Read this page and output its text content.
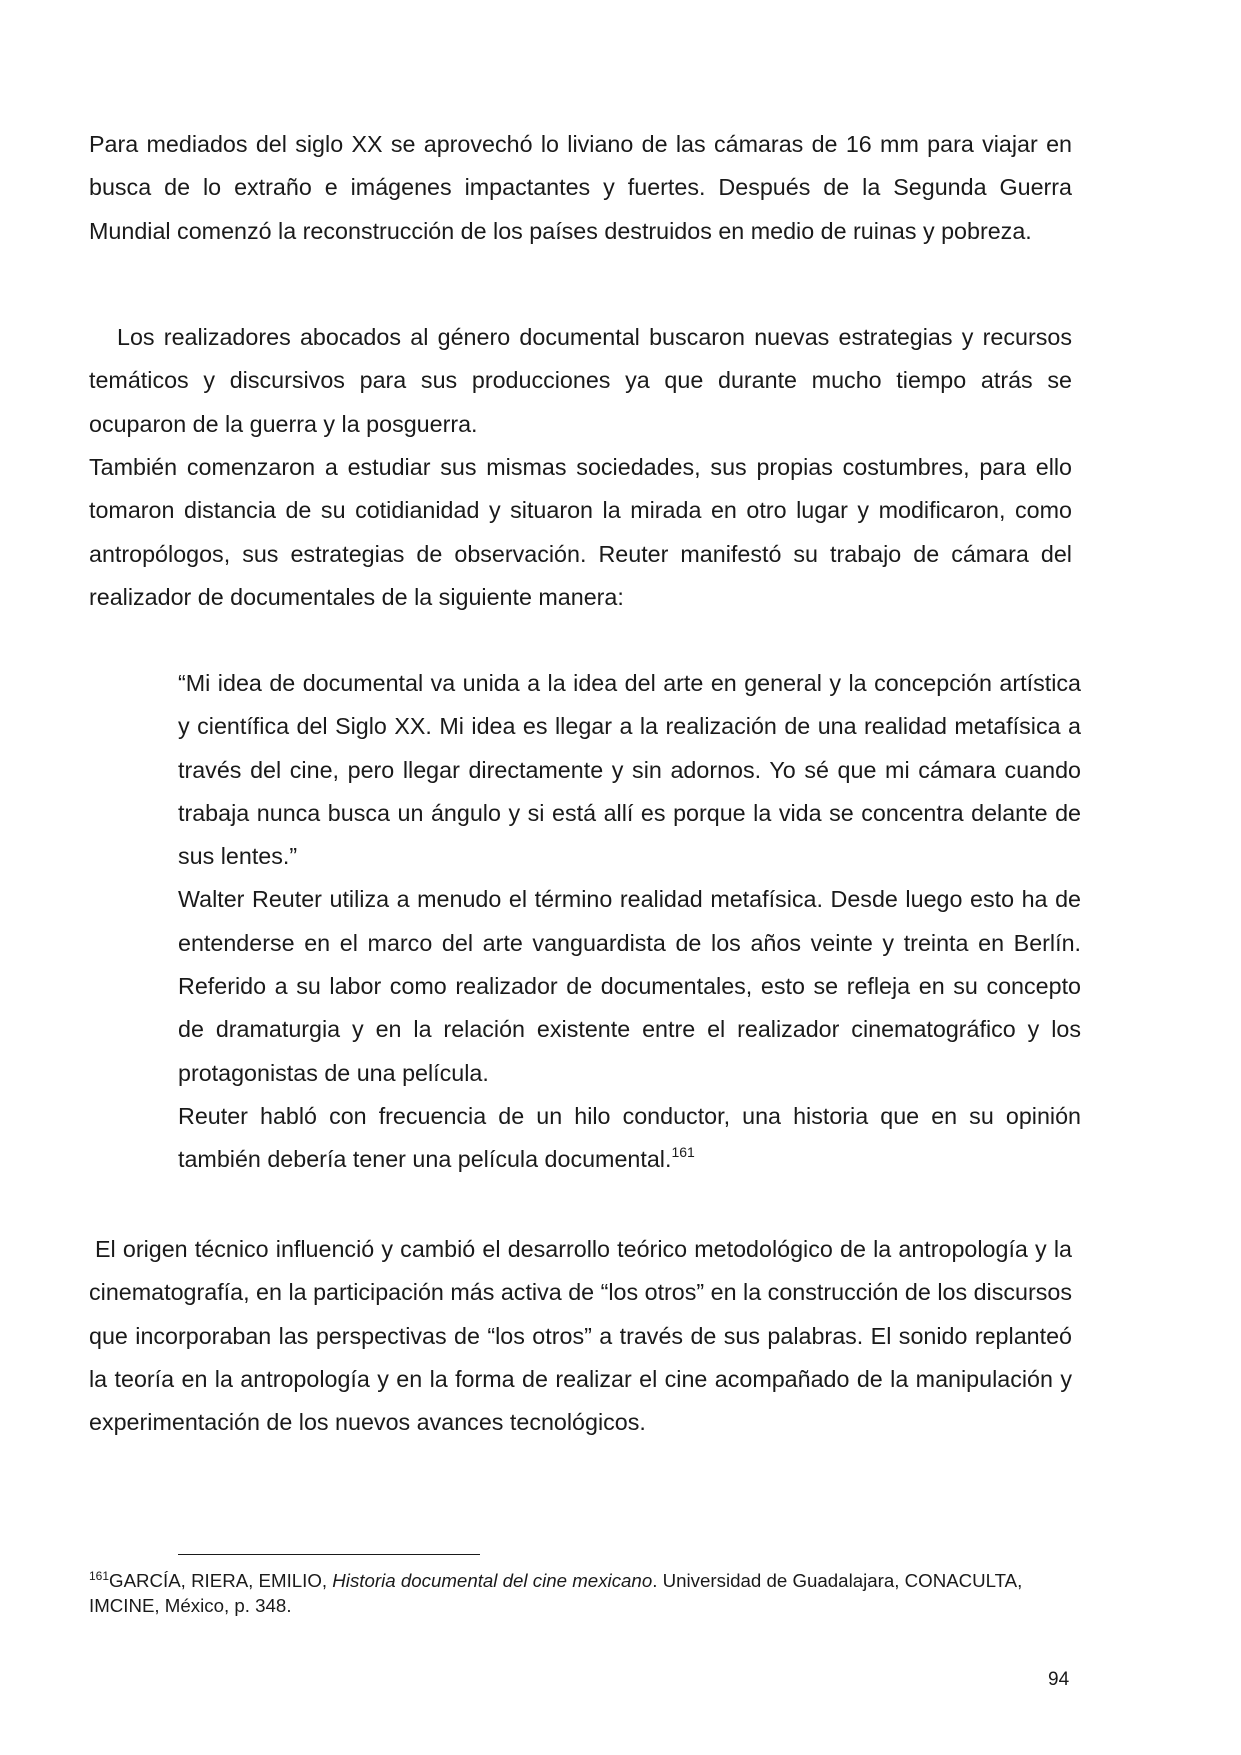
Para mediados del siglo XX se aprovechó lo liviano de las cámaras de 16 mm para viajar en busca de lo extraño e imágenes impactantes y fuertes. Después de la Segunda Guerra Mundial comenzó la reconstrucción de los países destruidos en medio de ruinas y pobreza.

Los realizadores abocados al género documental buscaron nuevas estrategias y recursos temáticos y discursivos para sus producciones ya que durante mucho tiempo atrás se ocuparon de la guerra y la posguerra.

También comenzaron a estudiar sus mismas sociedades, sus propias costumbres, para ello tomaron distancia de su cotidianidad y situaron la mirada en otro lugar y modificaron, como antropólogos, sus estrategias de observación. Reuter manifestó su trabajo de cámara del realizador de documentales de la siguiente manera:

“Mi idea de documental va unida a la idea del arte en general y la concepción artística y científica del Siglo XX. Mi idea es llegar a la realización de una realidad metafísica a través del cine, pero llegar directamente y sin adornos. Yo sé que mi cámara cuando trabaja nunca busca un ángulo y si está allí es porque la vida se concentra delante de sus lentes.”

Walter Reuter utiliza a menudo el término realidad metafísica. Desde luego esto ha de entenderse en el marco del arte vanguardista de los años veinte y treinta en Berlín. Referido a su labor como realizador de documentales, esto se refleja en su concepto de dramaturgia y en la relación existente entre el realizador cinematográfico y los protagonistas de una película.

Reuter habló con frecuencia de un hilo conductor, una historia que en su opinión también debería tener una película documental.$^{161}$

El origen técnico influenció y cambió el desarrollo teórico metodológico de la antropología y la cinematografía, en la participación más activa de “los otros” en la construcción de los discursos que incorporaban las perspectivas de “los otros” a través de sus palabras. El sonido replanteó la teoría en la antropología y en la forma de realizar el cine acompañado de la manipulación y experimentación de los nuevos avances tecnológicos.

$^{161}$GARCÍA, RIERA, EMILIO, Historia documental del cine mexicano. Universidad de Guadalajara, CONACULTA, IMCINE, México, p. 348.

94
